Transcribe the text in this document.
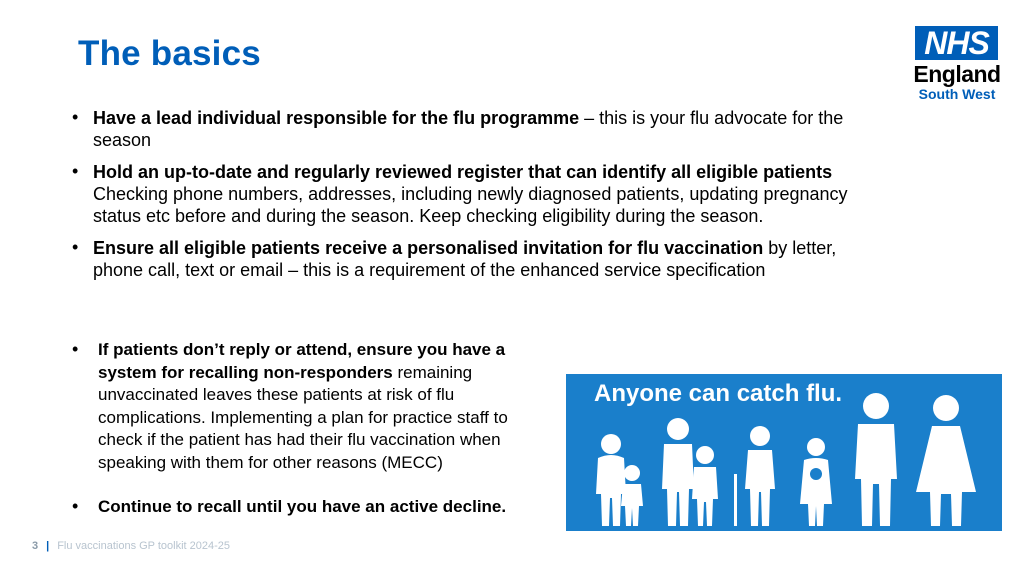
The basics	NHS
England
South West
• Have a lead individual responsible for the flu programme – this is your flu advocate for the season
• Hold an up-to-date and regularly reviewed register that can identify all eligible patients Checking phone numbers, addresses, including newly diagnosed patients, updating pregnancy status etc before and during the season. Keep checking eligibility during the season.
• Ensure all eligible patients receive a personalised invitation for flu vaccination by letter, phone call, text or email – this is a requirement of the enhanced service specification
• If patients don’t reply or attend, ensure you have a system for recalling non-responders remaining unvaccinated leaves these patients at risk of flu complications. Implementing a plan for practice staff to check if the patient has had their flu vaccination when speaking with them for other reasons (MECC)
• Continue to recall until you have an active decline.
Anyone can catch flu.
3 | Flu vaccinations GP toolkit 2024-25
